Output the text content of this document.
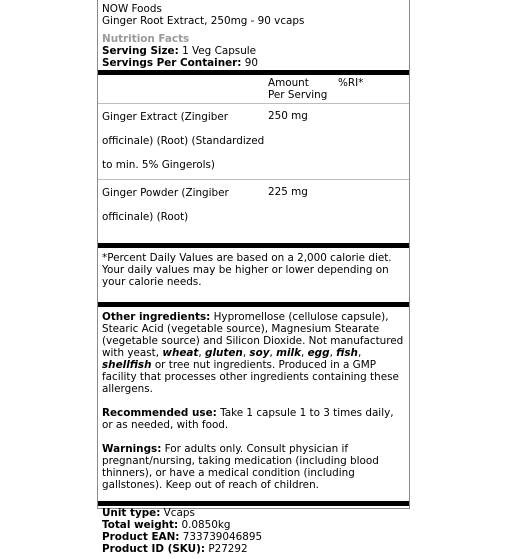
NOW Foods
Ginger Root Extract, 250mg - 90 vcaps
Nutrition Facts
Serving Size: 1 Veg Capsule
Servings Per Container: 90

Amount
Per Serving
	%RI*
Ginger Extract (Zingiber officinale) (Root) (Standardized to min. 5% Gingerols)
	250 mg	
Ginger Powder (Zingiber officinale) (Root)
	225 mg	

*Percent Daily Values are based on a 2,000 calorie diet. Your daily values may be higher or lower depending on your calorie needs.

Other ingredients: Hypromellose (cellulose capsule), Stearic Acid (vegetable source), Magnesium Stearate (vegetable source) and Silicon Dioxide. Not manufactured with yeast, wheat, gluten, soy, milk, egg, fish, shellfish or tree nut ingredients. Produced in a GMP facility that processes other ingredients containing these allergens.

Recommended use: Take 1 capsule 1 to 3 times daily, or as needed, with food.

Warnings: For adults only. Consult physician if pregnant/nursing, taking medication (including blood thinners), or have a medical condition (including gallstones). Keep out of reach of children.

Unit type: Vcaps
Total weight: 0.0850kg
Product EAN: 733739046895
Product ID (SKU): P27292
